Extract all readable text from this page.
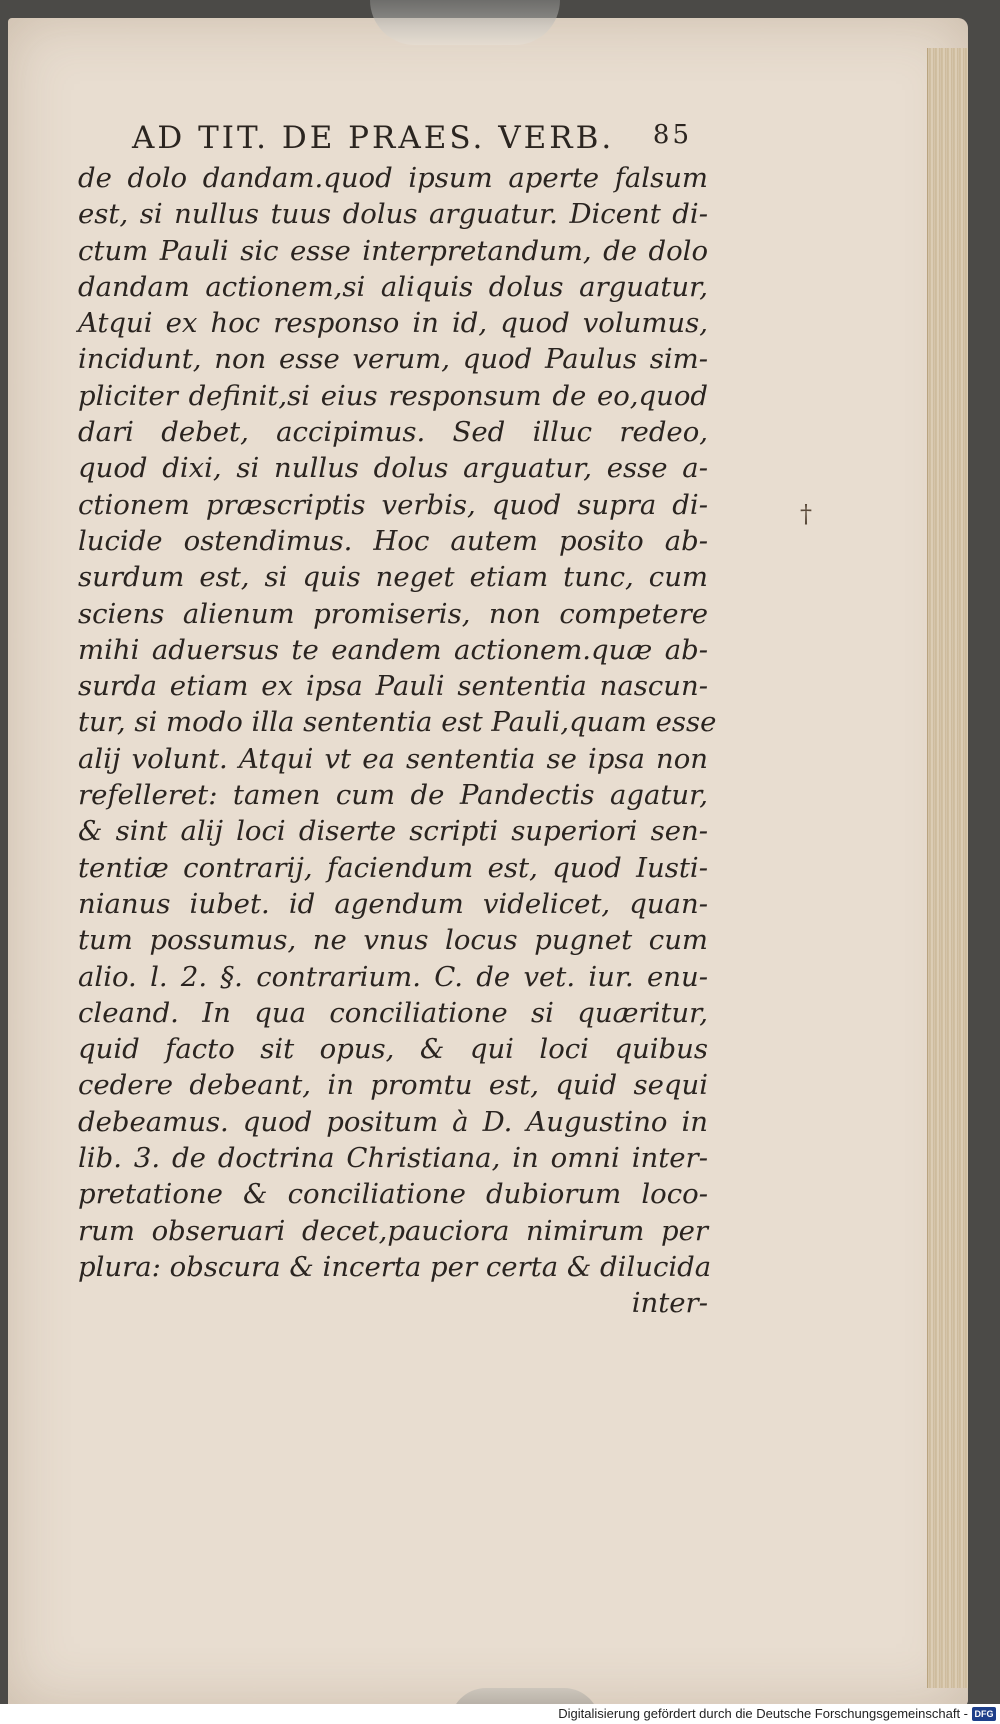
AD TIT. DE PRAES. VERB. 85
de dolo dandam.quod ipsum aperte falsum
est, si nullus tuus dolus arguatur. Dicent di-
ctum Pauli sic esse interpretandum, de dolo
dandam actionem,si aliquis dolus arguatur,
Atqui ex hoc responso in id, quod volumus,
incidunt, non esse verum, quod Paulus sim-
pliciter definit,si eius responsum de eo,quod
dari debet, accipimus. Sed illuc redeo,
quod dixi, si nullus dolus arguatur, esse a-
ctionem præscriptis verbis, quod supra di-
lucide ostendimus. Hoc autem posito ab-
surdum est, si quis neget etiam tunc, cum
sciens alienum promiseris, non competere
mihi aduersus te eandem actionem.quæ ab-
surda etiam ex ipsa Pauli sententia nascun-
tur, si modo illa sententia est Pauli,quam esse
alij volunt. Atqui vt ea sententia se ipsa non
refelleret: tamen cum de Pandectis agatur,
& sint alij loci diserte scripti superiori sen-
tentiæ contrarij, faciendum est, quod Iusti-
nianus iubet. id agendum videlicet, quan-
tum possumus, ne vnus locus pugnet cum
alio. l. 2. §. contrarium. C. de vet. iur. enu-
cleand. In qua conciliatione si quæritur,
quid facto sit opus, & qui loci quibus
cedere debeant, in promtu est, quid sequi
debeamus. quod positum à D. Augustino in
lib. 3. de doctrina Christiana, in omni inter-
pretatione & conciliatione dubiorum loco-
rum obseruari decet,pauciora nimirum per
plura: obscura & incerta per certa & dilucida
inter-
†
Digitalisierung gefördert durch die Deutsche Forschungsgemeinschaft - DFG
